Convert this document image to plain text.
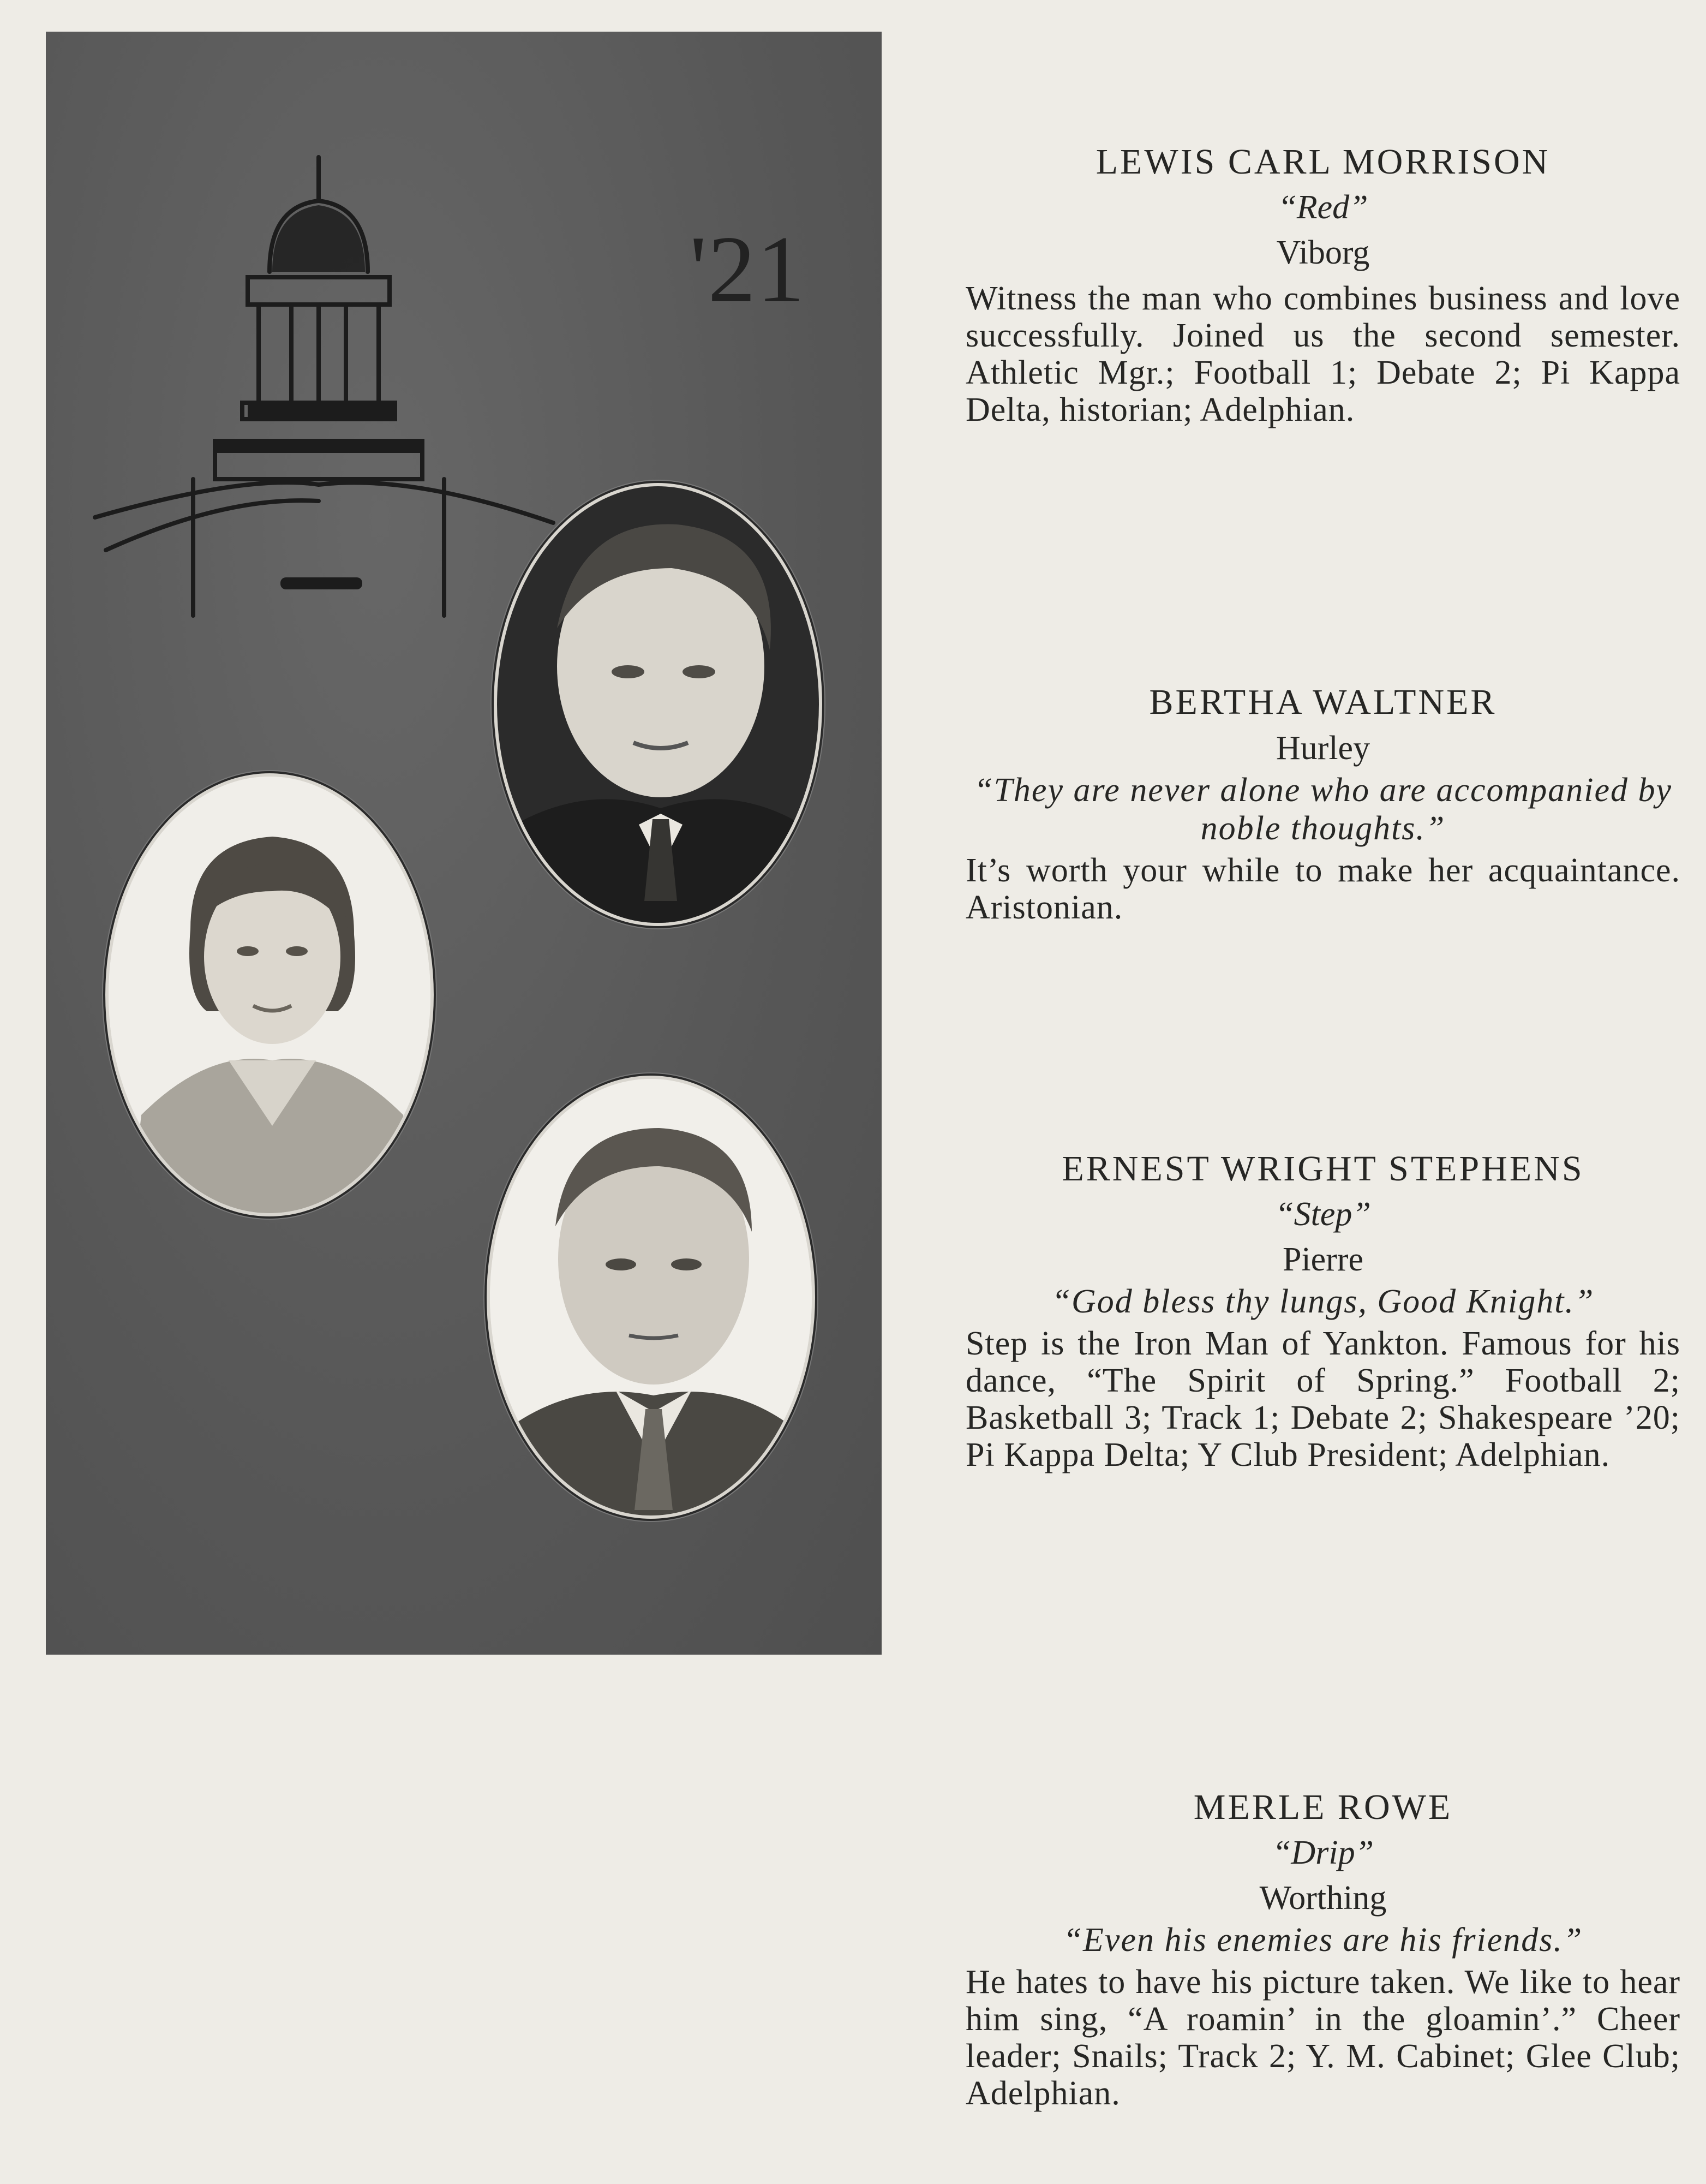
'21
LEWIS CARL MORRISON
“Red”
Viborg
Witness the man who combines business and love successfully. Joined us the second semester. Athletic Mgr.; Football 1; Debate 2; Pi Kappa Delta, historian; Adelphian.
BERTHA WALTNER
Hurley
“They are never alone who are accompanied by noble thoughts.”
It’s worth your while to make her acquaintance. Aristonian.
ERNEST WRIGHT STEPHENS
“Step”
Pierre
“God bless thy lungs, Good Knight.”
Step is the Iron Man of Yankton. Famous for his dance, “The Spirit of Spring.” Football 2; Basketball 3; Track 1; Debate 2; Shakespeare ’20; Pi Kappa Delta; Y Club President; Adelphian.
MERLE ROWE
“Drip”
Worthing
“Even his enemies are his friends.”
He hates to have his picture taken. We like to hear him sing, “A roamin’ in the gloamin’.” Cheer leader; Snails; Track 2; Y. M. Cabinet; Glee Club; Adelphian.
